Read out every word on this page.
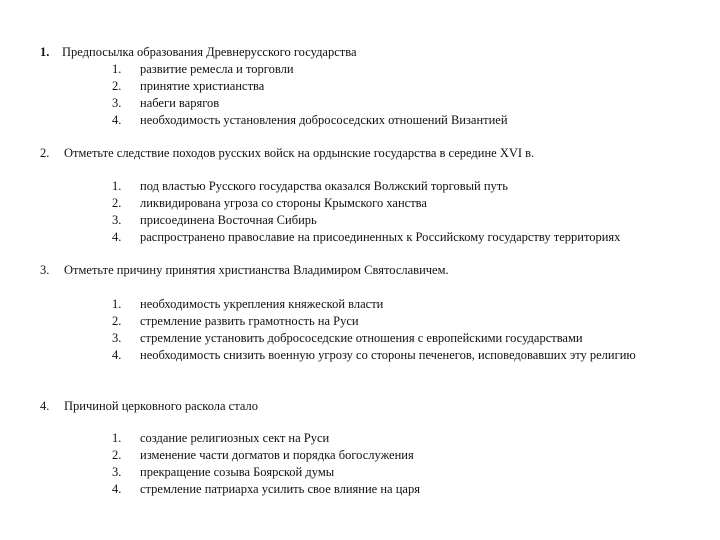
1. Предпосылка образования Древнерусского государства
1.	развитие ремесла и торговли
2.	принятие христианства
3.	набеги варягов
4.	необходимость установления добрососедских отношений Византией
2. Отметьте следствие походов русских войск на ордынские государства в середине XVI в.
1.	под властью Русского государства оказался Волжский торговый путь
2.	ликвидирована угроза со стороны Крымского ханства
3.	присоединена Восточная Сибирь
4.	распространено православие на присоединенных к Российскому государству территориях
3. Отметьте причину принятия христианства Владимиром Святославичем.
1.	необходимость укрепления княжеской власти
2.	стремление развить грамотность на Руси
3.	стремление установить добрососедские отношения с европейскими государствами
4.	необходимость снизить военную угрозу со стороны печенегов, исповедовавших эту религию
4. Причиной церковного раскола стало
1.	создание религиозных сект на Руси
2.	изменение части догматов и порядка богослужения
3.	прекращение созыва Боярской думы
4.	стремление патриарха усилить свое влияние на царя
